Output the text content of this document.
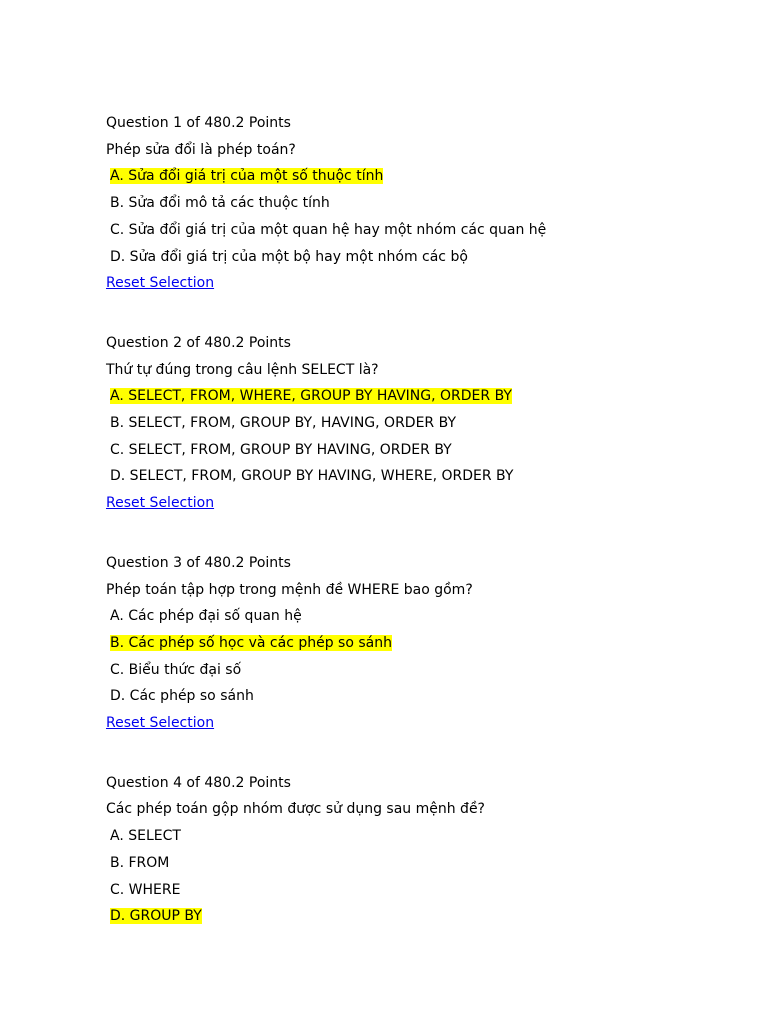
Question 1 of 480.2 Points
Phép sửa đổi là phép toán?
A. Sửa đổi giá trị của một số thuộc tính
B. Sửa đổi mô tả các thuộc tính
C. Sửa đổi giá trị của một quan hệ hay một nhóm các quan hệ
D. Sửa đổi giá trị của một bộ hay một nhóm các bộ
Reset Selection
Question 2 of 480.2 Points
Thứ tự đúng trong câu lệnh SELECT là?
A. SELECT, FROM, WHERE, GROUP BY HAVING, ORDER BY
B. SELECT, FROM, GROUP BY, HAVING, ORDER BY
C. SELECT, FROM, GROUP BY HAVING, ORDER BY
D. SELECT, FROM, GROUP BY HAVING, WHERE, ORDER BY
Reset Selection
Question 3 of 480.2 Points
Phép toán tập hợp trong mệnh đề WHERE bao gồm?
A. Các phép đại số quan hệ
B. Các phép số học và các phép so sánh
C. Biểu thức đại số
D. Các phép so sánh
Reset Selection
Question 4 of 480.2 Points
Các phép toán gộp nhóm được sử dụng sau mệnh đề?
A. SELECT
B. FROM
C. WHERE
D. GROUP BY
